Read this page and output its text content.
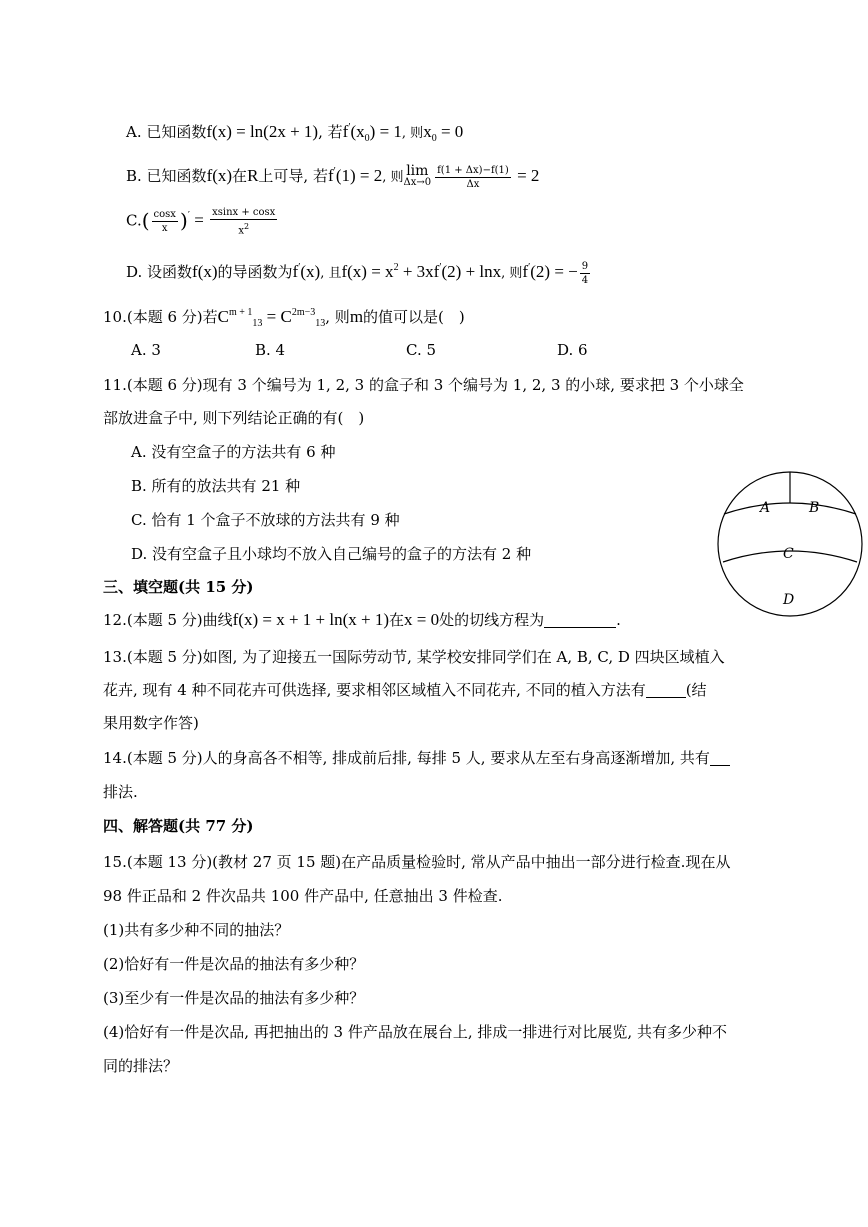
A. 已知函数f(x) = ln(2x + 1), 若$f'(x_0) = 1$, 则$x_0 = 0$
B. 已知函数f(x)在R上可导, 若f′(1) = 2, 则 lim
$\Delta x\to 0 \frac{f(1 + \Delta x)-f(1)}{\Delta x} = 2$
$C.( \frac{\cos x}{x} )' = \frac{xsinx + \cos x}{x^2}$
D. 设函数f(x)的导函数为f′(x), 且$f(x) = x^2 + 3xf'(2) + \ln x$, 则f′(2) = − $\frac{9}{4}$
10.(本题 6 分)若$C^{m + 1}_{13} = C^{2m-3}_{13}$, 则m的值可以是(　)
A. 3	B. 4	C. 5	D. 6
11.(本题 6 分)现有 3 个编号为 1, 2, 3 的盒子和 3 个编号为 1, 2, 3 的小球, 要求把 3 个小球全
部放进盒子中, 则下列结论正确的有(　)
A. 没有空盒子的方法共有 6 种
B. 所有的放法共有 21 种
C. 恰有 1 个盒子不放球的方法共有 9 种
D. 没有空盒子且小球均不放入自己编号的盒子的方法有 2 种
三、填空题(共 15 分)
12.(本题 5 分)曲线f(x) = x + 1 + ln(x + 1)在x = 0处的切线方程为	.
13.(本题 5 分)如图, 为了迎接五一国际劳动节, 某学校安排同学们在 A, B, C, D 四块区域植入
花卉, 现有 4 种不同花卉可供选择, 要求相邻区域植入不同花卉, 不同的植入方法有	(结
果用数字作答)
14.(本题 5 分)人的身高各不相等, 排成前后排, 每排 5 人, 要求从左至右身高逐渐增加, 共有
排法.
四、解答题(共 77 分)
15.(本题 13 分)(教材 27 页 15 题)在产品质量检验时, 常从产品中抽出一部分进行检查.现在从
98 件正品和 2 件次品共 100 件产品中, 任意抽出 3 件检查.
(1)共有多少种不同的抽法？
(2)恰好有一件是次品的抽法有多少种？
(3)至少有一件是次品的抽法有多少种？
(4)恰好有一件是次品, 再把抽出的 3 件产品放在展台上, 排成一排进行对比展览, 共有多少种不
同的排法？
A	B
C
D
